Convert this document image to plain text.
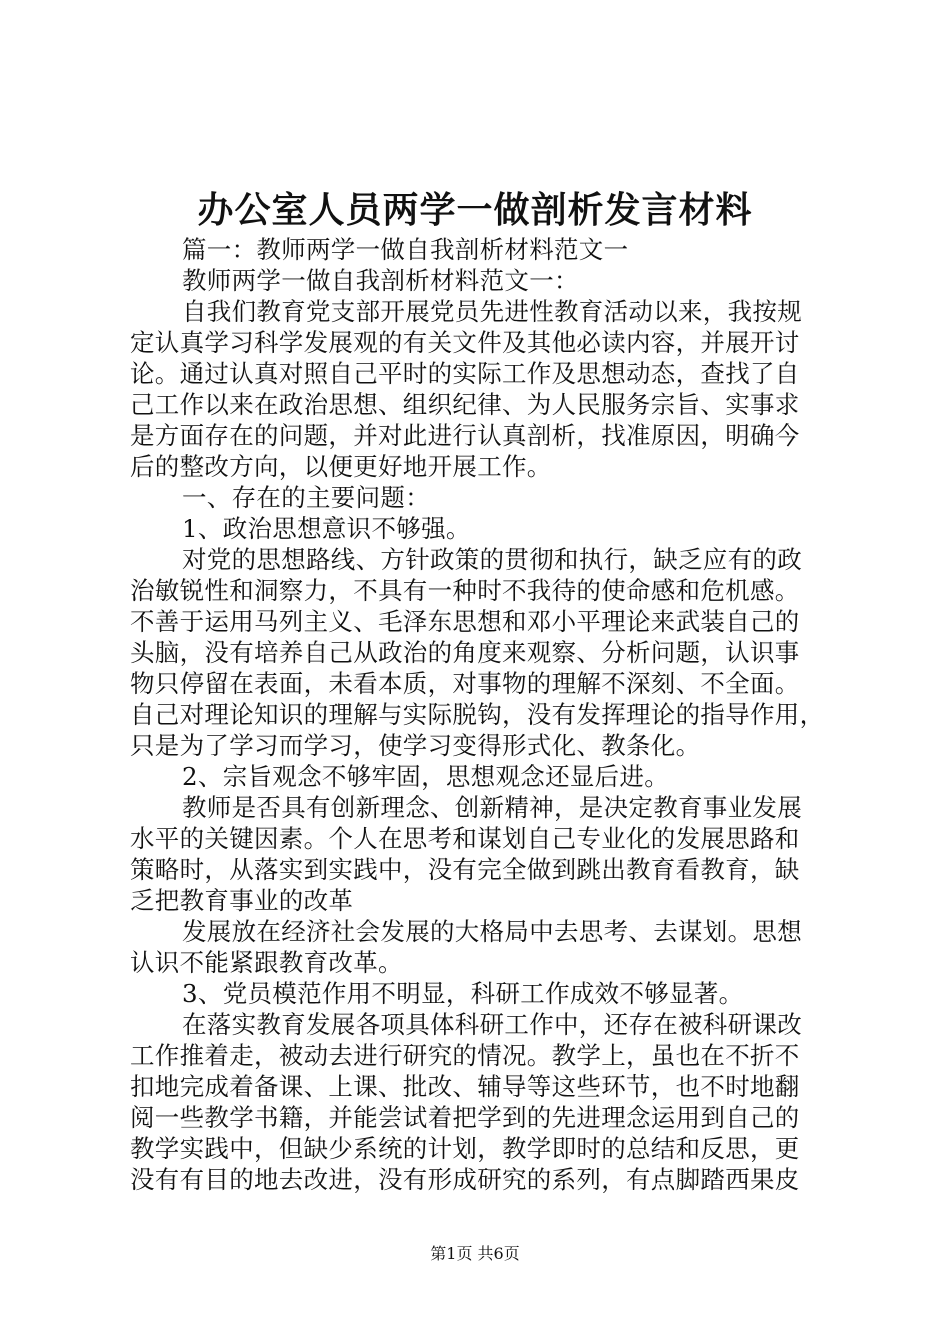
办公室人员两学一做剖析发言材料
篇一：教师两学一做自我剖析材料范文一
教师两学一做自我剖析材料范文一：
自我们教育党支部开展党员先进性教育活动以来，我按规
定认真学习科学发展观的有关文件及其他必读内容，并展开讨
论。通过认真对照自己平时的实际工作及思想动态，查找了自
己工作以来在政治思想、组织纪律、为人民服务宗旨、实事求
是方面存在的问题，并对此进行认真剖析，找准原因，明确今
后的整改方向，以便更好地开展工作。
一、存在的主要问题：
1、政治思想意识不够强。
对党的思想路线、方针政策的贯彻和执行，缺乏应有的政
治敏锐性和洞察力，不具有一种时不我待的使命感和危机感。
不善于运用马列主义、毛泽东思想和邓小平理论来武装自己的
头脑，没有培养自己从政治的角度来观察、分析问题，认识事
物只停留在表面，未看本质，对事物的理解不深刻、不全面。
自己对理论知识的理解与实际脱钩，没有发挥理论的指导作用，
只是为了学习而学习，使学习变得形式化、教条化。
2、宗旨观念不够牢固，思想观念还显后进。
教师是否具有创新理念、创新精神，是决定教育事业发展
水平的关键因素。个人在思考和谋划自己专业化的发展思路和
策略时，从落实到实践中，没有完全做到跳出教育看教育，缺
乏把教育事业的改革
发展放在经济社会发展的大格局中去思考、去谋划。思想
认识不能紧跟教育改革。
3、党员模范作用不明显，科研工作成效不够显著。
在落实教育发展各项具体科研工作中，还存在被科研课改
工作推着走，被动去进行研究的情况。教学上，虽也在不折不
扣地完成着备课、上课、批改、辅导等这些环节，也不时地翻
阅一些教学书籍，并能尝试着把学到的先进理念运用到自己的
教学实践中，但缺少系统的计划，教学即时的总结和反思，更
没有有目的地去改进，没有形成研究的系列，有点脚踏西果皮
第1页 共6页
